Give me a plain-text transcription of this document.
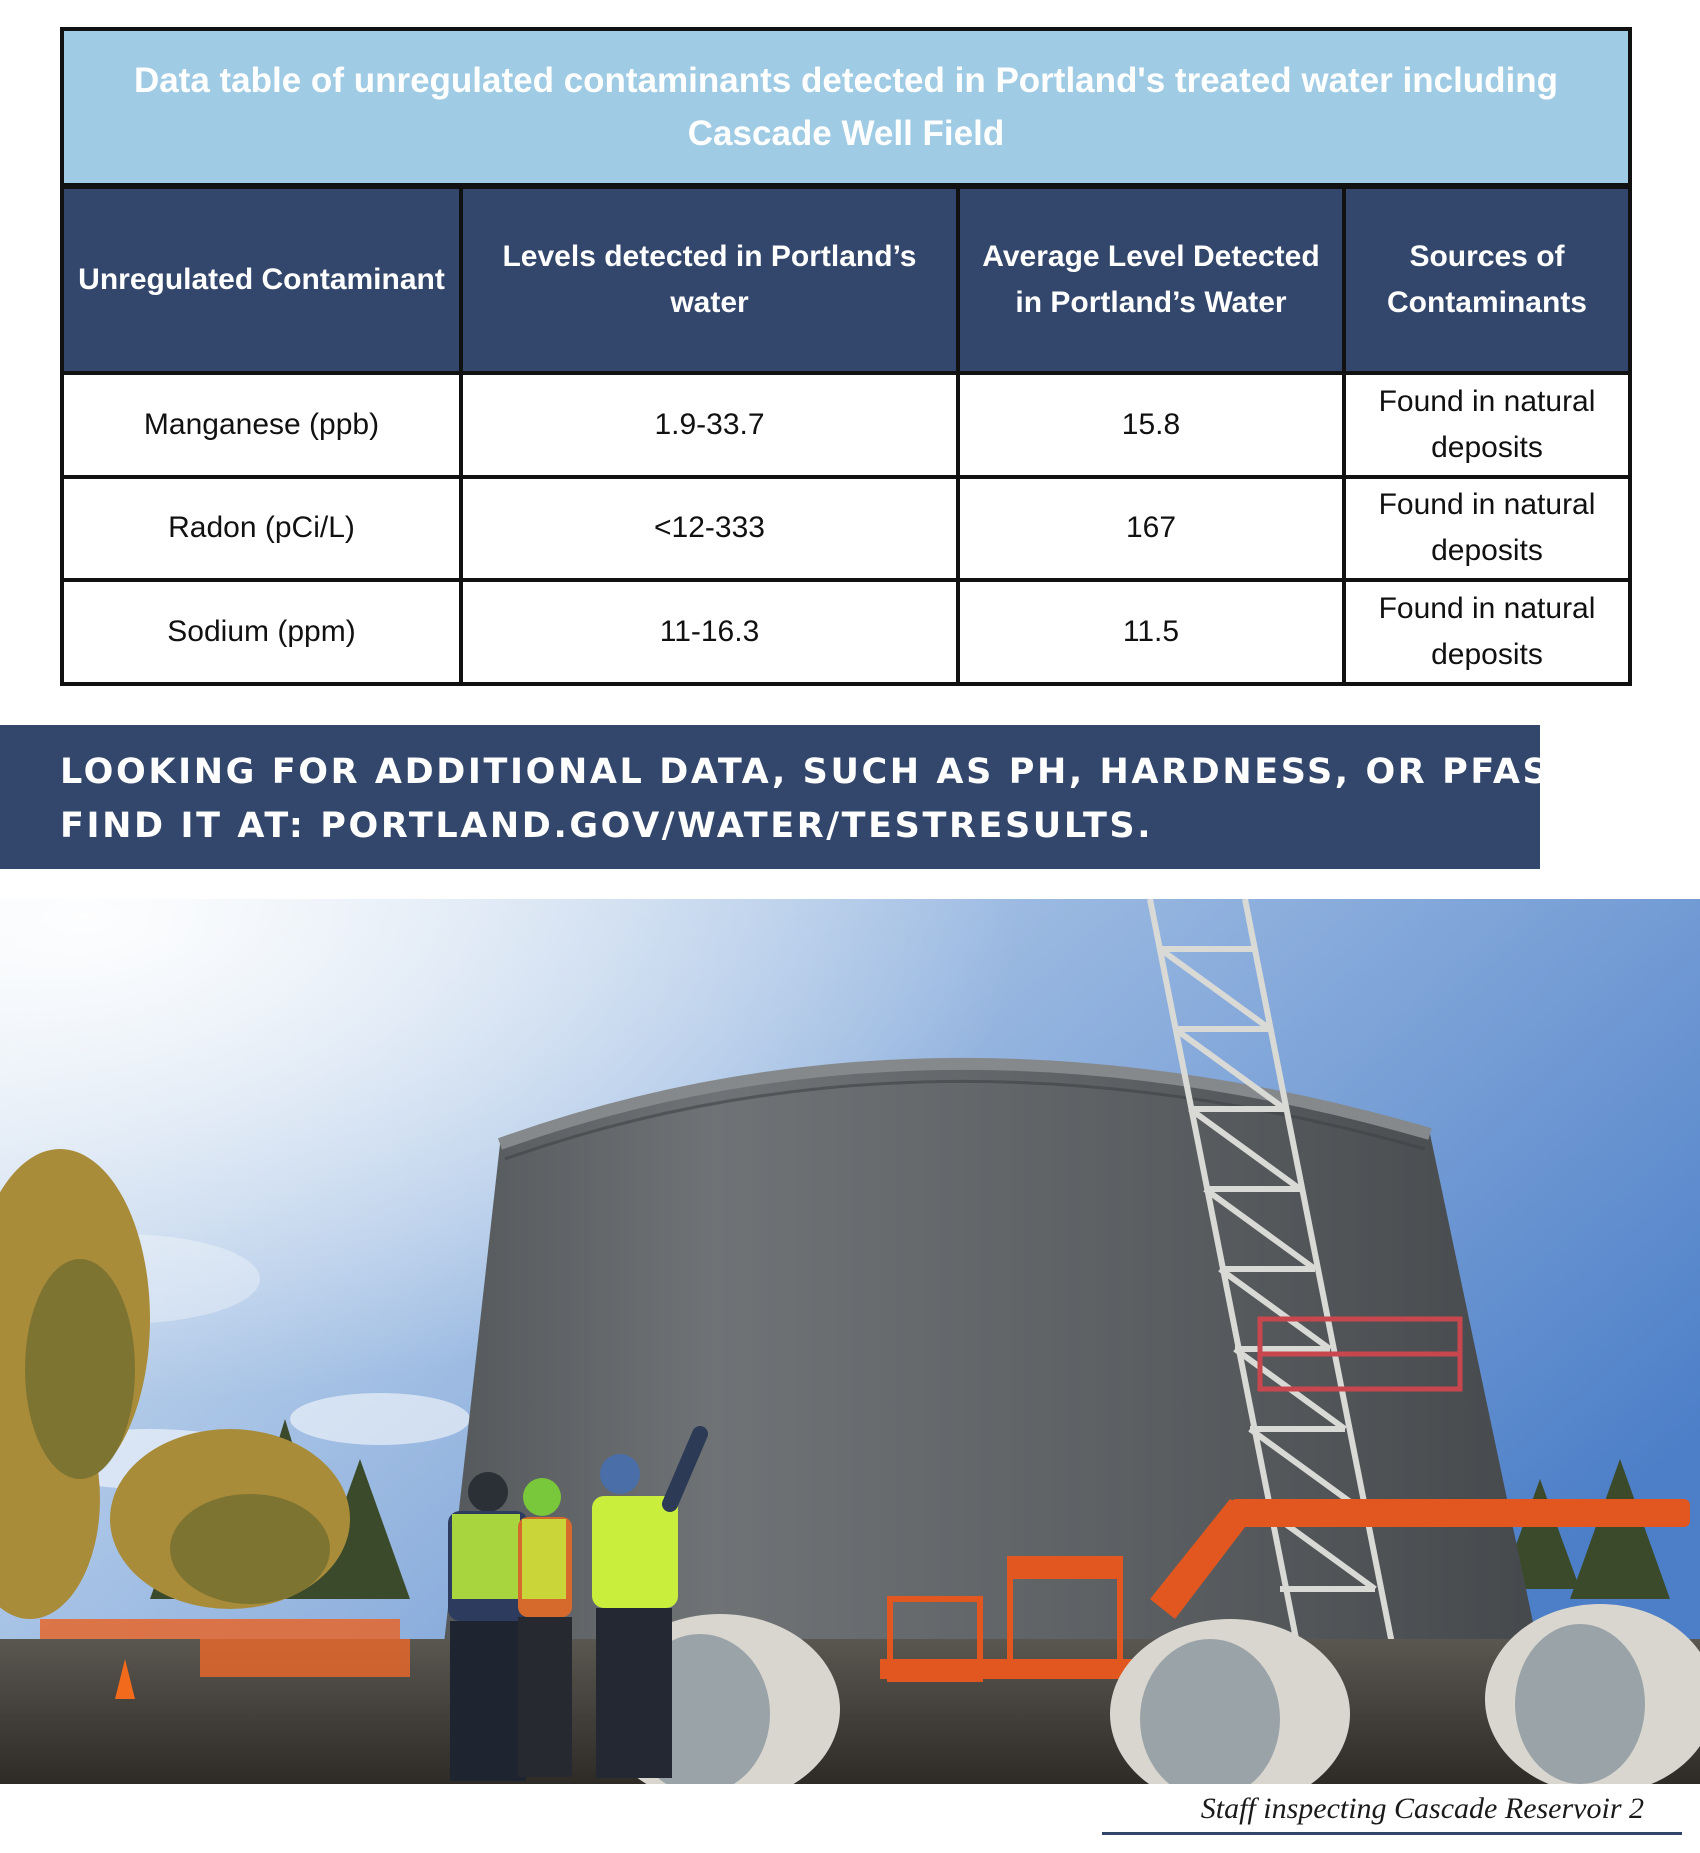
Data table of unregulated contaminants detected in Portland's treated water including Cascade Well Field			
Unregulated Contaminant	Levels detected in Portland’s water	Average Level Detected in Portland’s Water	Sources of Contaminants
Manganese (ppb)	1.9-33.7	15.8	Found in natural deposits
Radon (pCi/L)	<12-333	167	Found in natural deposits
Sodium (ppm)	11-16.3	11.5	Found in natural deposits
LOOKING FOR ADDITIONAL DATA, SUCH AS PH, HARDNESS, OR PFAS?
FIND IT AT: PORTLAND.GOV/WATER/TESTRESULTS.
Staff inspecting Cascade Reservoir 2
